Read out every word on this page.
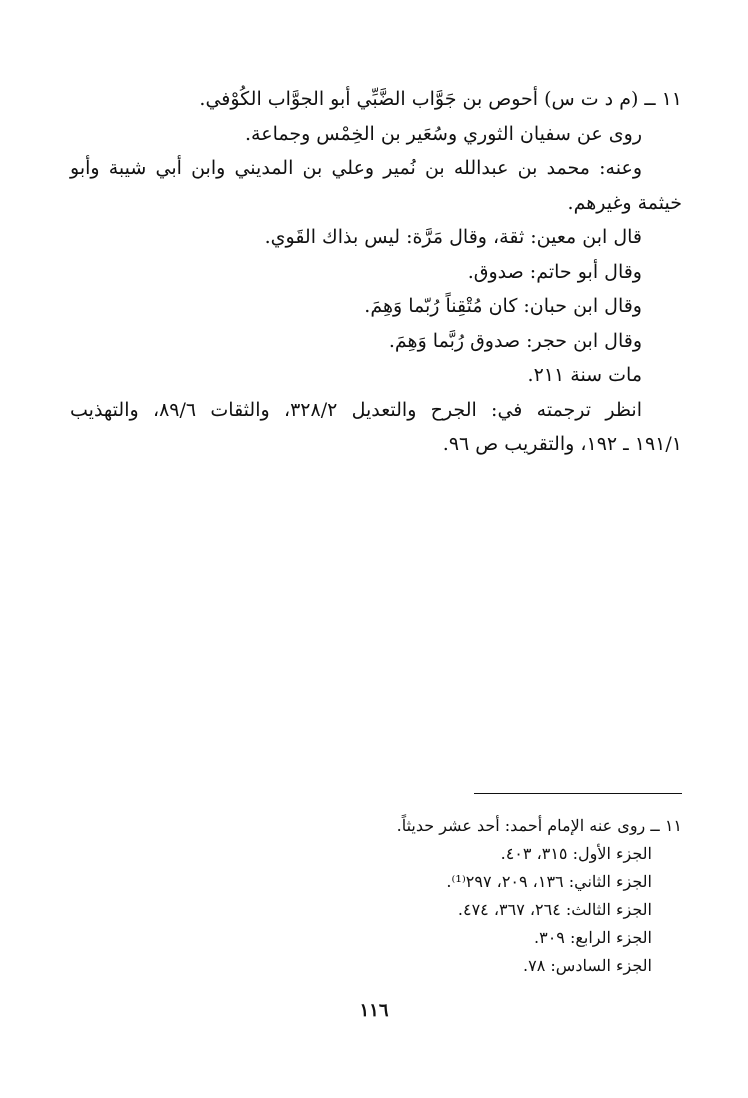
١١ ــ (م د ت س) أحوص بن جَوَّاب الضَّبِّي أبو الجوَّاب الكُوْفي.
روى عن سفيان الثوري وسُعَير بن الخِمْس وجماعة.
وعنه: محمد بن عبدالله بن نُمير وعلي بن المديني وابن أبي شيبة وأبو
خيثمة وغيرهم.
قال ابن معين: ثقة، وقال مَرَّة: ليس بذاك القَوي.
وقال أبو حاتم: صدوق.
وقال ابن حبان: كان مُتْقِناً رُبّما وَهِمَ.
وقال ابن حجر: صدوق رُبَّما وَهِمَ.
مات سنة ٢١١.
انظر ترجمته في: الجرح والتعديل ٣٢٨/٢، والثقات ٨٩/٦، والتهذيب
١٩١/١ ـ ١٩٢، والتقريب ص ٩٦.
١١ ــ روى عنه الإمام أحمد: أحد عشر حديثاً.
الجزء الأول: ٣١٥، ٤٠٣.
الجزء الثاني: ١٣٦، ٢٠٩، ٢٩٧⁽¹⁾.
الجزء الثالث: ٢٦٤، ٣٦٧، ٤٧٤.
الجزء الرابع: ٣٠٩.
الجزء السادس: ٧٨.
١١٦
